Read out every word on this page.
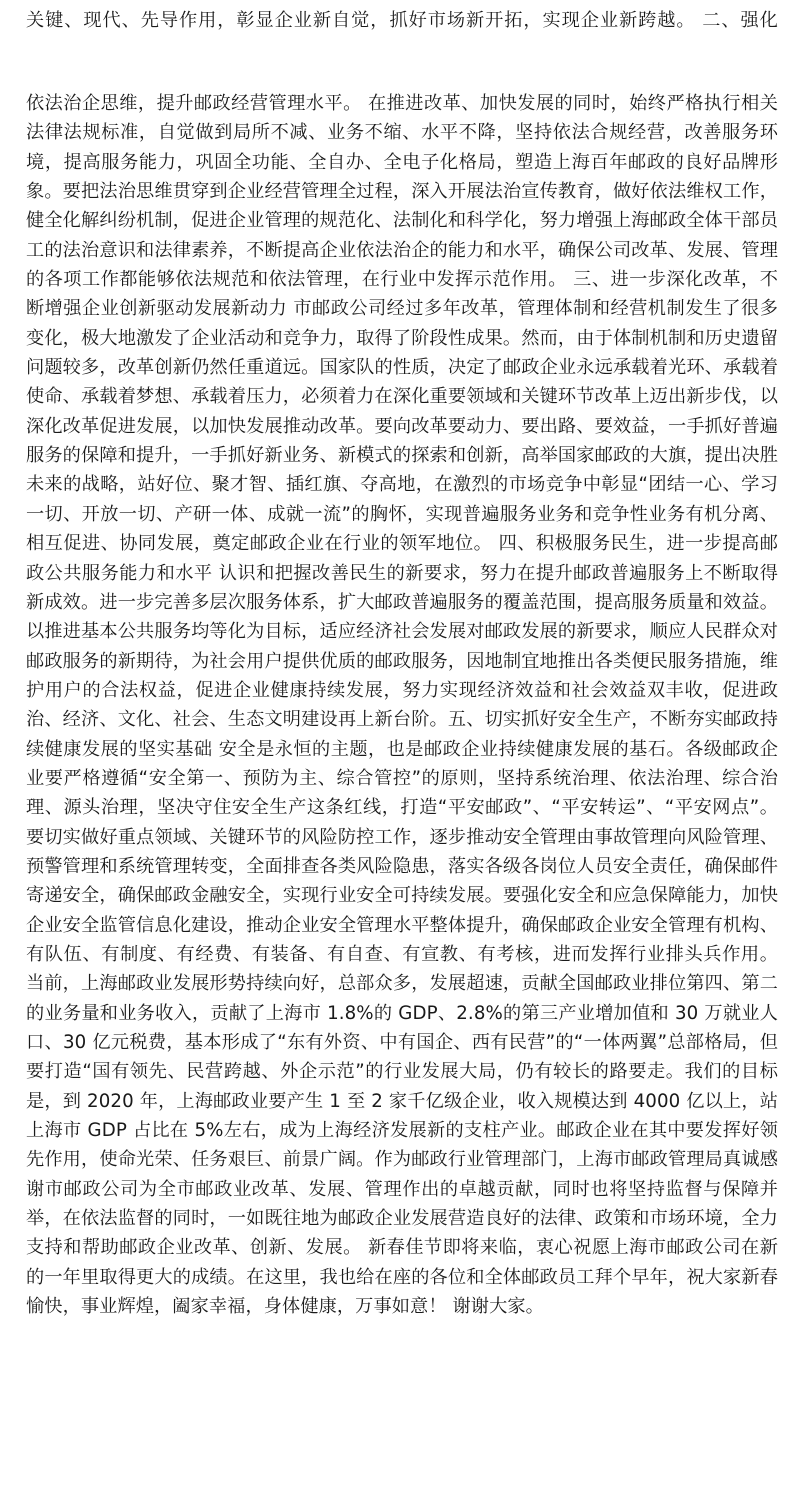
关键、现代、先导作用，彰显企业新自觉，抓好市场新开拓，实现企业新跨越。 二、强化

依法治企思维，提升邮政经营管理水平。 在推进改革、加快发展的同时，始终严格执行相关法律法规标准，自觉做到局所不减、业务不缩、水平不降，坚持依法合规经营，改善服务环境，提高服务能力，巩固全功能、全自办、全电子化格局，塑造上海百年邮政的良好品牌形象。要把法治思维贯穿到企业经营管理全过程，深入开展法治宣传教育，做好依法维权工作，健全化解纠纷机制，促进企业管理的规范化、法制化和科学化，努力增强上海邮政全体干部员工的法治意识和法律素养，不断提高企业依法治企的能力和水平，确保公司改革、发展、管理的各项工作都能够依法规范和依法管理，在行业中发挥示范作用。 三、进一步深化改革，不断增强企业创新驱动发展新动力 市邮政公司经过多年改革，管理体制和经营机制发生了很多变化，极大地激发了企业活动和竞争力，取得了阶段性成果。然而，由于体制机制和历史遗留问题较多，改革创新仍然任重道远。国家队的性质，决定了邮政企业永远承载着光环、承载着使命、承载着梦想、承载着压力，必须着力在深化重要领域和关键环节改革上迈出新步伐，以深化改革促进发展，以加快发展推动改革。要向改革要动力、要出路、要效益，一手抓好普遍服务的保障和提升，一手抓好新业务、新模式的探索和创新，高举国家邮政的大旗，提出决胜未来的战略，站好位、聚才智、插红旗、夺高地，在激烈的市场竞争中彰显“团结一心、学习一切、开放一切、产研一体、成就一流”的胸怀，实现普遍服务业务和竞争性业务有机分离、相互促进、协同发展，奠定邮政企业在行业的领军地位。 四、积极服务民生，进一步提高邮政公共服务能力和水平 认识和把握改善民生的新要求，努力在提升邮政普遍服务上不断取得新成效。进一步完善多层次服务体系，扩大邮政普遍服务的覆盖范围，提高服务质量和效益。以推进基本公共服务均等化为目标，适应经济社会发展对邮政发展的新要求，顺应人民群众对邮政服务的新期待，为社会用户提供优质的邮政服务，因地制宜地推出各类便民服务措施，维护用户的合法权益，促进企业健康持续发展，努力实现经济效益和社会效益双丰收，促进政治、经济、文化、社会、生态文明建设再上新台阶。五、切实抓好安全生产，不断夯实邮政持续健康发展的坚实基础 安全是永恒的主题，也是邮政企业持续健康发展的基石。各级邮政企业要严格遵循“安全第一、预防为主、综合管控”的原则，坚持系统治理、依法治理、综合治理、源头治理，坚决守住安全生产这条红线，打造“平安邮政”、“平安转运”、“平安网点”。要切实做好重点领域、关键环节的风险防控工作，逐步推动安全管理由事故管理向风险管理、预警管理和系统管理转变，全面排查各类风险隐患，落实各级各岗位人员安全责任，确保邮件寄递安全，确保邮政金融安全，实现行业安全可持续发展。要强化安全和应急保障能力，加快企业安全监管信息化建设，推动企业安全管理水平整体提升，确保邮政企业安全管理有机构、有队伍、有制度、有经费、有装备、有自查、有宣教、有考核，进而发挥行业排头兵作用。 当前，上海邮政业发展形势持续向好，总部众多，发展超速，贡献全国邮政业排位第四、第二的业务量和业务收入，贡献了上海市 1.8%的 GDP、2.8%的第三产业增加值和 30 万就业人口、30 亿元税费，基本形成了“东有外资、中有国企、西有民营”的“一体两翼”总部格局，但要打造“国有领先、民营跨越、外企示范”的行业发展大局，仍有较长的路要走。我们的目标是，到 2020 年，上海邮政业要产生 1 至 2 家千亿级企业，收入规模达到 4000 亿以上，站上海市 GDP 占比在 5%左右，成为上海经济发展新的支柱产业。邮政企业在其中要发挥好领先作用，使命光荣、任务艰巨、前景广阔。作为邮政行业管理部门，上海市邮政管理局真诚感谢市邮政公司为全市邮政业改革、发展、管理作出的卓越贡献，同时也将坚持监督与保障并举，在依法监督的同时，一如既往地为邮政企业发展营造良好的法律、政策和市场环境，全力支持和帮助邮政企业改革、创新、发展。 新春佳节即将来临，衷心祝愿上海市邮政公司在新的一年里取得更大的成绩。在这里，我也给在座的各位和全体邮政员工拜个早年，祝大家新春愉快，事业辉煌，阖家幸福，身体健康，万事如意！ 谢谢大家。
